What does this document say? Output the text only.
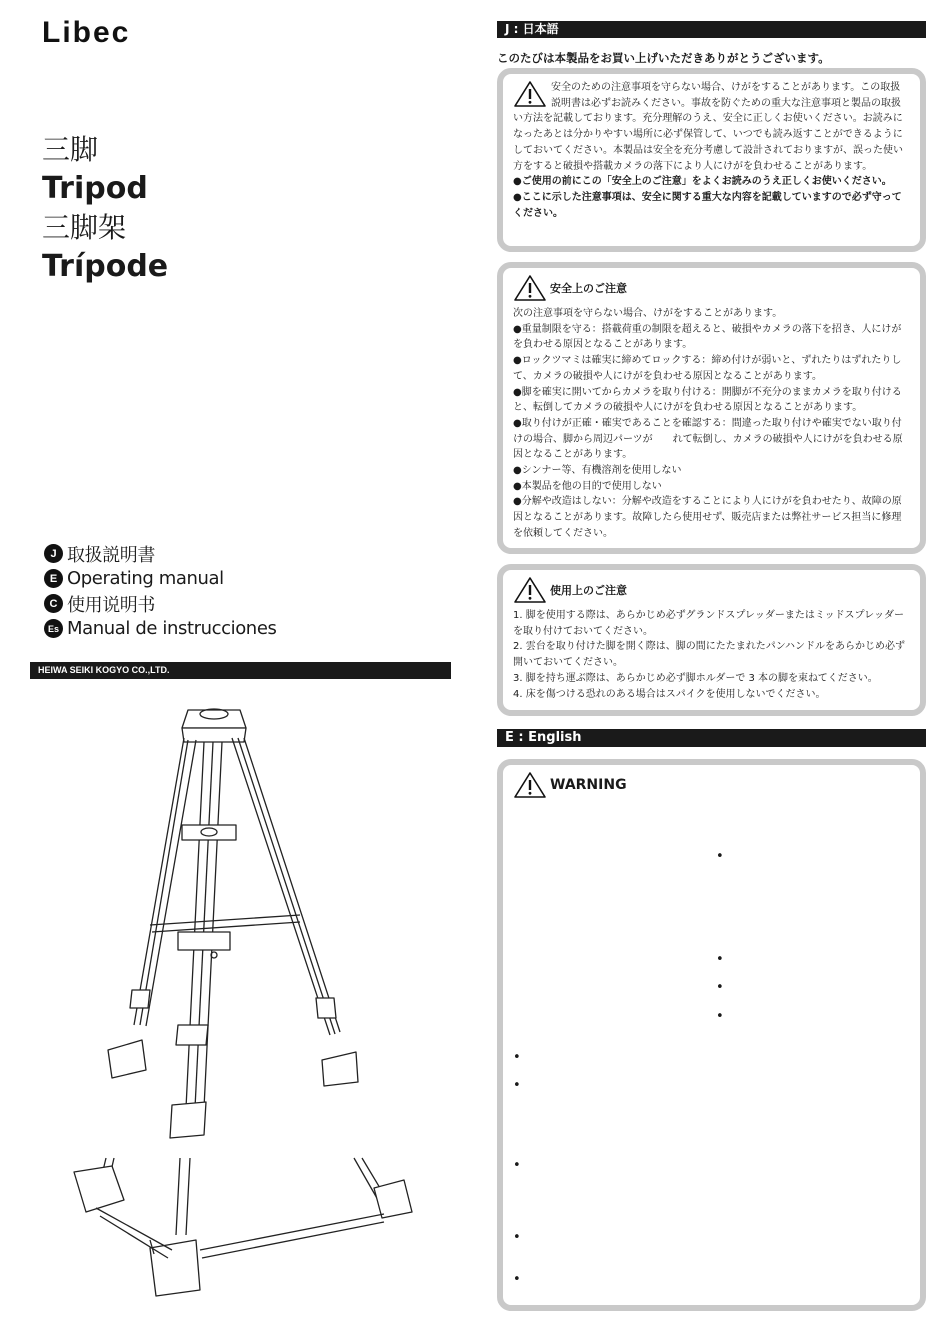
Libec
三脚
Tripod
三脚架
Trípode
J 取扱説明書
E Operating manual
C 使用说明书
Es Manual de instrucciones
HEIWA SEIKI KOGYO CO.,LTD.
J : 日本語
このたびは本製品をお買い上げいただきありがとうございます。

安全のための注意事項を守らない場合、けがをすることがあります。この取扱説明書は必ずお読みください。事故を防ぐための重大な注意事項と製品の取扱い方法を記載しております。充分理解のうえ、安全に正しくお使いください。お読みになったあとは分かりやすい場所に必ず保管して、いつでも読み返すことができるようにしておいてください。本製品は安全を充分考慮して設計されておりますが、誤った使い方をすると破損や搭載カメラの落下により人にけがを負わせることがあります。

●ご使用の前にこの「安全上のご注意」をよくお読みのうえ正しくお使いください。

●ここに示した注意事項は、安全に関する重大な内容を記載していますので必ず守ってください。

安全上のご注意

次の注意事項を守らない場合、けがをすることがあります。

●重量制限を守る：搭載荷重の制限を超えると、破損やカメラの落下を招き、人にけがを負わせる原因となることがあります。

●ロックツマミは確実に締めてロックする：締め付けが弱いと、ずれたりはずれたりして、カメラの破損や人にけがを負わせる原因となることがあります。

●脚を確実に開いてからカメラを取り付ける：開脚が不充分のままカメラを取り付けると、転倒してカメラの破損や人にけがを負わせる原因となることがあります。

●取り付けが正確・確実であることを確認する：間違った取り付けや確実でない取り付けの場合、脚から周辺パーツが　　れて転倒し、カメラの破損や人にけがを負わせる原因となることがあります。

●シンナー等、有機溶剤を使用しない

●本製品を他の目的で使用しない

●分解や改造はしない：分解や改造をすることにより人にけがを負わせたり、故障の原因となることがあります。故障したら使用せず、販売店または弊社サービス担当に修理を依頼してください。

使用上のご注意

1. 脚を使用する際は、あらかじめ必ずグランドスプレッダーまたはミッドスプレッダーを取り付けておいてください。

2. 雲台を取り付けた脚を開く際は、脚の間にたたまれたパンハンドルをあらかじめ必ず開いておいてください。

3. 脚を持ち運ぶ際は、あらかじめ必ず脚ホルダーで 3 本の脚を束ねてください。

4. 床を傷つける恐れのある場合はスパイクを使用しないでください。

E : English
WARNING
•
•
•
•
•
•
•
•
•
